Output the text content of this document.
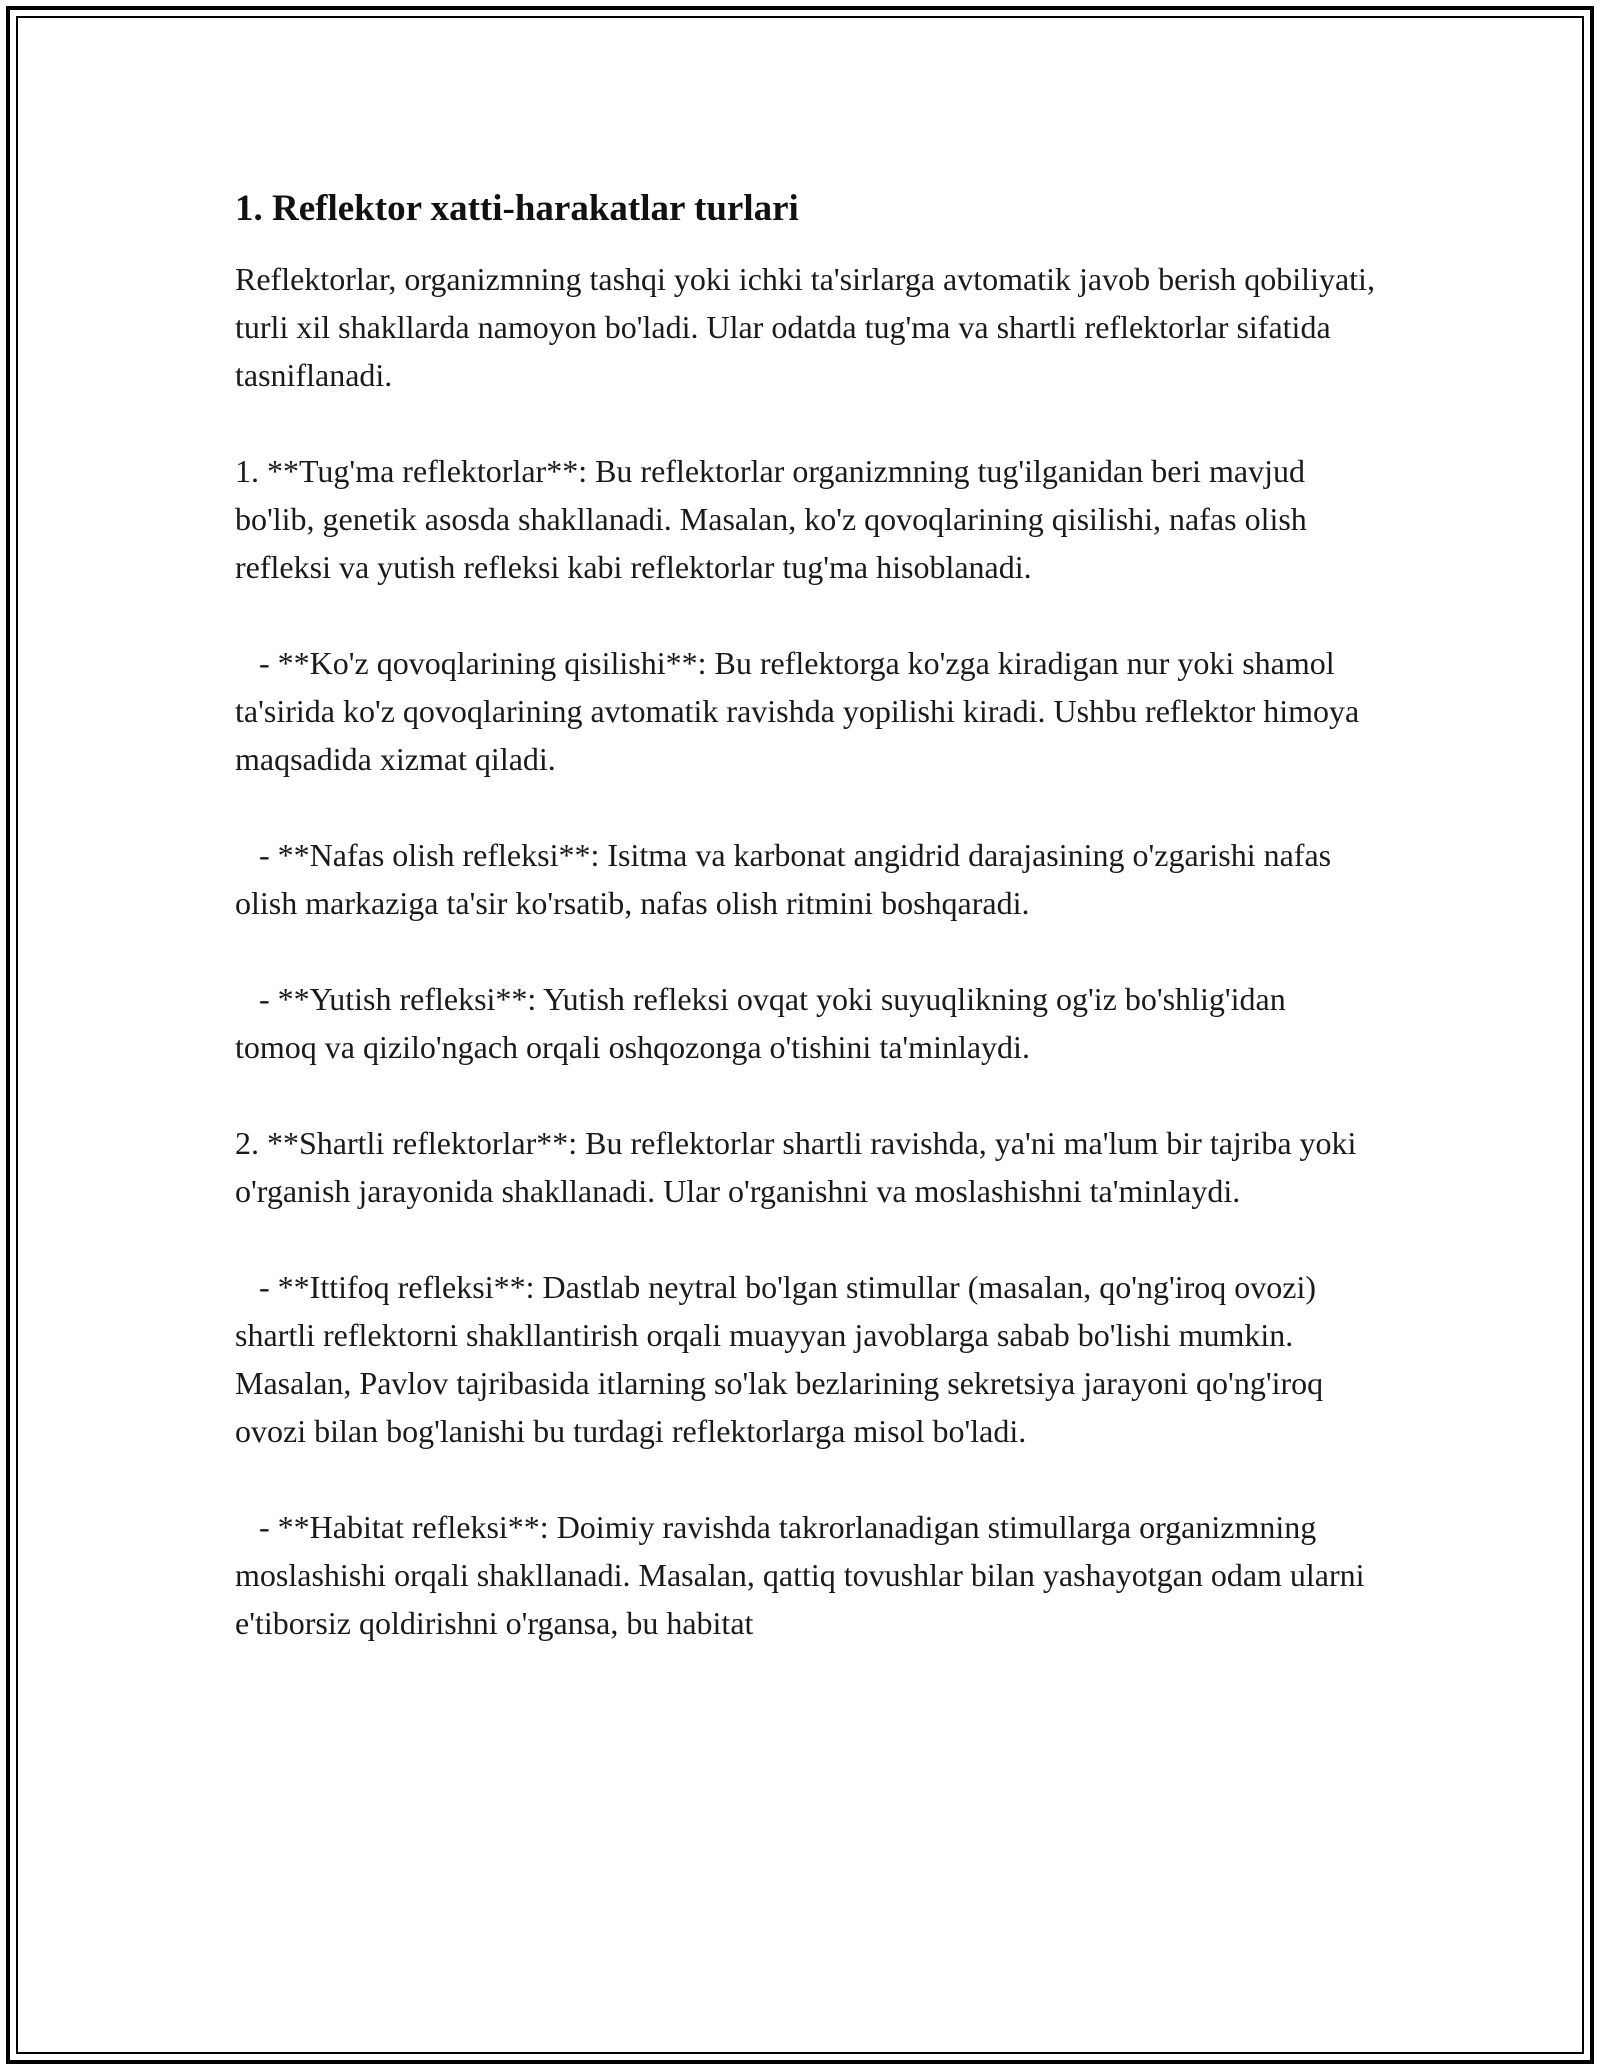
1. Reflektor xatti-harakatlar turlari

Reflektorlar, organizmning tashqi yoki ichki ta'sirlarga avtomatik javob berish qobiliyati, turli xil shakllarda namoyon bo'ladi. Ular odatda tug'ma va shartli reflektorlar sifatida tasniflanadi.

1. **Tug'ma reflektorlar**: Bu reflektorlar organizmning tug'ilganidan beri mavjud bo'lib, genetik asosda shakllanadi. Masalan, ko'z qovoqlarining qisilishi, nafas olish refleksi va yutish refleksi kabi reflektorlar tug'ma hisoblanadi.

- **Ko'z qovoqlarining qisilishi**: Bu reflektorga ko'zga kiradigan nur yoki shamol ta'sirida ko'z qovoqlarining avtomatik ravishda yopilishi kiradi. Ushbu reflektor himoya maqsadida xizmat qiladi.

- **Nafas olish refleksi**: Isitma va karbonat angidrid darajasining o'zgarishi nafas olish markaziga ta'sir ko'rsatib, nafas olish ritmini boshqaradi.

- **Yutish refleksi**: Yutish refleksi ovqat yoki suyuqlikning og'iz bo'shlig'idan tomoq va qizilo'ngach orqali oshqozonga o'tishini ta'minlaydi.

2. **Shartli reflektorlar**: Bu reflektorlar shartli ravishda, ya'ni ma'lum bir tajriba yoki o'rganish jarayonida shakllanadi. Ular o'rganishni va moslashishni ta'minlaydi.

- **Ittifoq refleksi**: Dastlab neytral bo'lgan stimullar (masalan, qo'ng'iroq ovozi) shartli reflektorni shakllantirish orqali muayyan javoblarga sabab bo'lishi mumkin. Masalan, Pavlov tajribasida itlarning so'lak bezlarining sekretsiya jarayoni qo'ng'iroq ovozi bilan bog'lanishi bu turdagi reflektorlarga misol bo'ladi.

- **Habitat refleksi**: Doimiy ravishda takrorlanadigan stimullarga organizmning moslashishi orqali shakllanadi. Masalan, qattiq tovushlar bilan yashayotgan odam ularni e'tiborsiz qoldirishni o'rgansa, bu habitat
